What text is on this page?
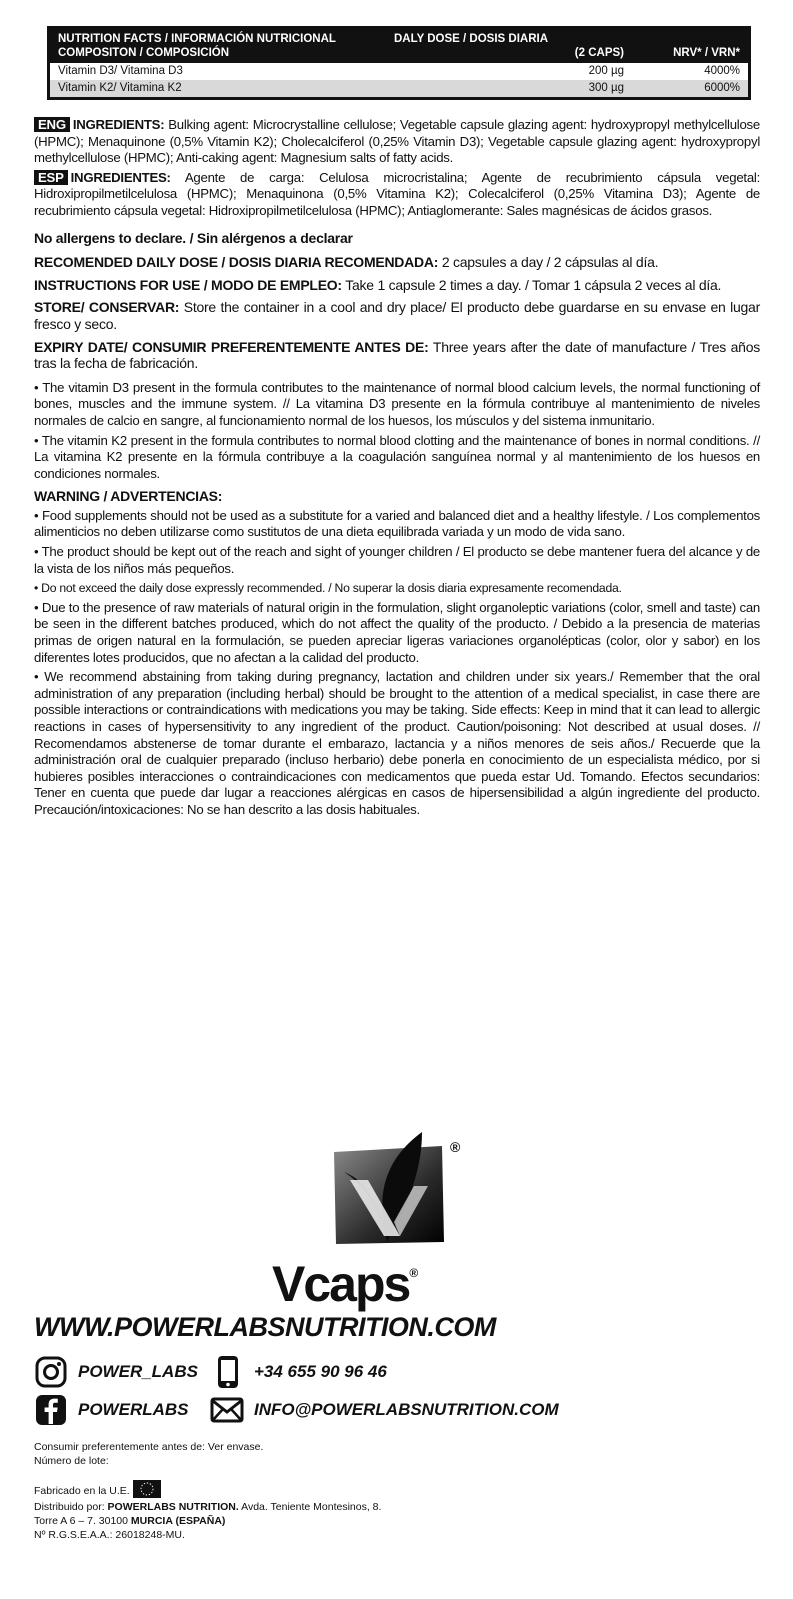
NUTRITION FACTS / INFORMACIÓN NUTRICIONAL
COMPOSITON / COMPOSICIÓN
DALY DOSE / DOSIS DIARIA
(2 CAPS)	NRV* / VRN*
Vitamin D3/ Vitamina D3	200 µg	4000%
Vitamin K2/ Vitamina K2	300 µg	6000%

ENG INGREDIENTS: Bulking agent: Microcrystalline cellulose; Vegetable capsule glazing agent: hydroxypropyl methylcellulose (HPMC); Menaquinone (0,5% Vitamin K2); Cholecalciferol (0,25% Vitamin D3); Vegetable capsule glazing agent: hydroxypropyl methylcellulose (HPMC); Anti-caking agent: Magnesium salts of fatty acids.

ESP INGREDIENTES: Agente de carga: Celulosa microcristalina; Agente de recubrimiento cápsula vegetal: Hidroxipropilmetilcelulosa (HPMC); Menaquinona (0,5% Vitamina K2); Colecalciferol (0,25% Vitamina D3); Agente de recubrimiento cápsula vegetal: Hidroxipropilmetilcelulosa (HPMC); Antiaglomerante: Sales magnésicas de ácidos grasos.

No allergens to declare. / Sin alérgenos a declarar

RECOMENDED DAILY DOSE / DOSIS DIARIA RECOMENDADA: 2 capsules a day / 2 cápsulas al día.

INSTRUCTIONS FOR USE / MODO DE EMPLEO: Take 1 capsule 2 times a day. / Tomar 1 cápsula 2 veces al día.

STORE/ CONSERVAR: Store the container in a cool and dry place/ El producto debe guardarse en su envase en lugar fresco y seco.

EXPIRY DATE/ CONSUMIR PREFERENTEMENTE ANTES DE: Three years after the date of manufacture / Tres años tras la fecha de fabricación.

• The vitamin D3 present in the formula contributes to the maintenance of normal blood calcium levels, the normal functioning of bones, muscles and the immune system. // La vitamina D3 presente en la fórmula contribuye al mantenimiento de niveles normales de calcio en sangre, al funcionamiento normal de los huesos, los músculos y del sistema inmunitario.

• The vitamin K2 present in the formula contributes to normal blood clotting and the maintenance of bones in normal conditions. // La vitamina K2 presente en la fórmula contribuye a la coagulación sanguínea normal y al mantenimiento de los huesos en condiciones normales.

WARNING / ADVERTENCIAS:

• Food supplements should not be used as a substitute for a varied and balanced diet and a healthy lifestyle. / Los complementos alimenticios no deben utilizarse como sustitutos de una dieta equilibrada variada y un modo de vida sano.

• The product should be kept out of the reach and sight of younger children / El producto se debe mantener fuera del alcance y de la vista de los niños más pequeños.

• Do not exceed the daily dose expressly recommended. / No superar la dosis diaria expresamente recomendada.

• Due to the presence of raw materials of natural origin in the formulation, slight organoleptic variations (color, smell and taste) can be seen in the different batches produced, which do not affect the quality of the producto. / Debido a la presencia de materias primas de origen natural en la formulación, se pueden apreciar ligeras variaciones organolépticas (color, olor y sabor) en los diferentes lotes producidos, que no afectan a la calidad del producto.

• We recommend abstaining from taking during pregnancy, lactation and children under six years./ Remember that the oral administration of any preparation (including herbal) should be brought to the attention of a medical specialist, in case there are possible interactions or contraindications with medications you may be taking. Side effects: Keep in mind that it can lead to allergic reactions in cases of hypersensitivity to any ingredient of the product. Caution/poisoning: Not described at usual doses. // Recomendamos abstenerse de tomar durante el embarazo, lactancia y a niños menores de seis años./ Recuerde que la administración oral de cualquier preparado (incluso herbario) debe ponerla en conocimiento de un especialista médico, por si hubieres posibles interacciones o contraindicaciones con medicamentos que pueda estar Ud. Tomando. Efectos secundarios: Tener en cuenta que puede dar lugar a reacciones alérgicas en casos de hipersensibilidad a algún ingrediente del producto. Precaución/intoxicaciones: No se han descrito a las dosis habituales.

®
Vcaps®
WWW.POWERLABSNUTRITION.COM
POWER_LABS	+34 655 90 96 46
POWERLABS	INFO@POWERLABSNUTRITION.COM
Consumir preferentemente antes de: Ver envase.
Número de lote:
Fabricado en la U.E.
Distribuido por: POWERLABS NUTRITION. Avda. Teniente Montesinos, 8.
Torre A 6 – 7. 30100 MURCIA (ESPAÑA)
Nº R.G.S.E.A.A.: 26018248-MU.
